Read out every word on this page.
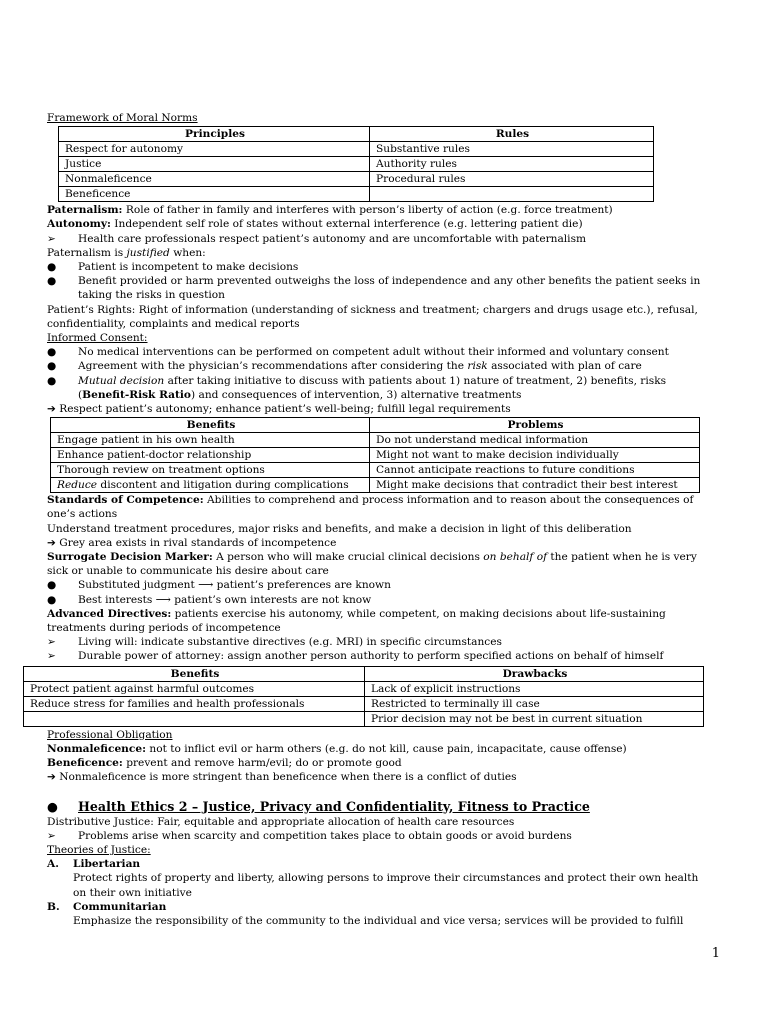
Framework of Moral Norms
Principles	Rules
Respect for autonomy	Substantive rules
Justice	Authority rules
Nonmaleficence	Procedural rules
Beneficence	
Paternalism: Role of father in family and interferes with person’s liberty of action (e.g. force treatment)
Autonomy: Independent self role of states without external interference (e.g. lettering patient die)
➢ Health care professionals respect patient’s autonomy and are uncomfortable with paternalism
Paternalism is justified when:
● Patient is incompetent to make decisions
● Benefit provided or harm prevented outweighs the loss of independence and any other benefits the patient seeks in
taking the risks in question
Patient’s Rights: Right of information (understanding of sickness and treatment; chargers and drugs usage etc.), refusal,
confidentiality, complaints and medical reports
Informed Consent:
● No medical interventions can be performed on competent adult without their informed and voluntary consent
● Agreement with the physician’s recommendations after considering the risk associated with plan of care
● Mutual decision after taking initiative to discuss with patients about 1) nature of treatment, 2) benefits, risks
(Benefit-Risk Ratio) and consequences of intervention, 3) alternative treatments
➔ Respect patient’s autonomy; enhance patient’s well-being; fulfill legal requirements
Benefits	Problems
Engage patient in his own health	Do not understand medical information
Enhance patient-doctor relationship	Might not want to make decision individually
Thorough review on treatment options	Cannot anticipate reactions to future conditions
Reduce discontent and litigation during complications	Might make decisions that contradict their best interest
Standards of Competence: Abilities to comprehend and process information and to reason about the consequences of
one’s actions
Understand treatment procedures, major risks and benefits, and make a decision in light of this deliberation
➔ Grey area exists in rival standards of incompetence
Surrogate Decision Marker: A person who will make crucial clinical decisions on behalf of the patient when he is very
sick or unable to communicate his desire about care
● Substituted judgment ⟶ patient’s preferences are known
● Best interests ⟶ patient’s own interests are not know
Advanced Directives: patients exercise his autonomy, while competent, on making decisions about life-sustaining
treatments during periods of incompetence
➢ Living will: indicate substantive directives (e.g. MRI) in specific circumstances
➢ Durable power of attorney: assign another person authority to perform specified actions on behalf of himself
Benefits	Drawbacks
Protect patient against harmful outcomes	Lack of explicit instructions
Reduce stress for families and health professionals	Restricted to terminally ill case
	Prior decision may not be best in current situation
Professional Obligation
Nonmaleficence: not to inflict evil or harm others (e.g. do not kill, cause pain, incapacitate, cause offense)
Beneficence: prevent and remove harm/evil; do or promote good
➔ Nonmaleficence is more stringent than beneficence when there is a conflict of duties
● Health Ethics 2 – Justice, Privacy and Confidentiality, Fitness to Practice
Distributive Justice: Fair, equitable and appropriate allocation of health care resources
➢ Problems arise when scarcity and competition takes place to obtain goods or avoid burdens
Theories of Justice:
A. Libertarian
Protect rights of property and liberty, allowing persons to improve their circumstances and protect their own health
on their own initiative
B. Communitarian
Emphasize the responsibility of the community to the individual and vice versa; services will be provided to fulfill
1
